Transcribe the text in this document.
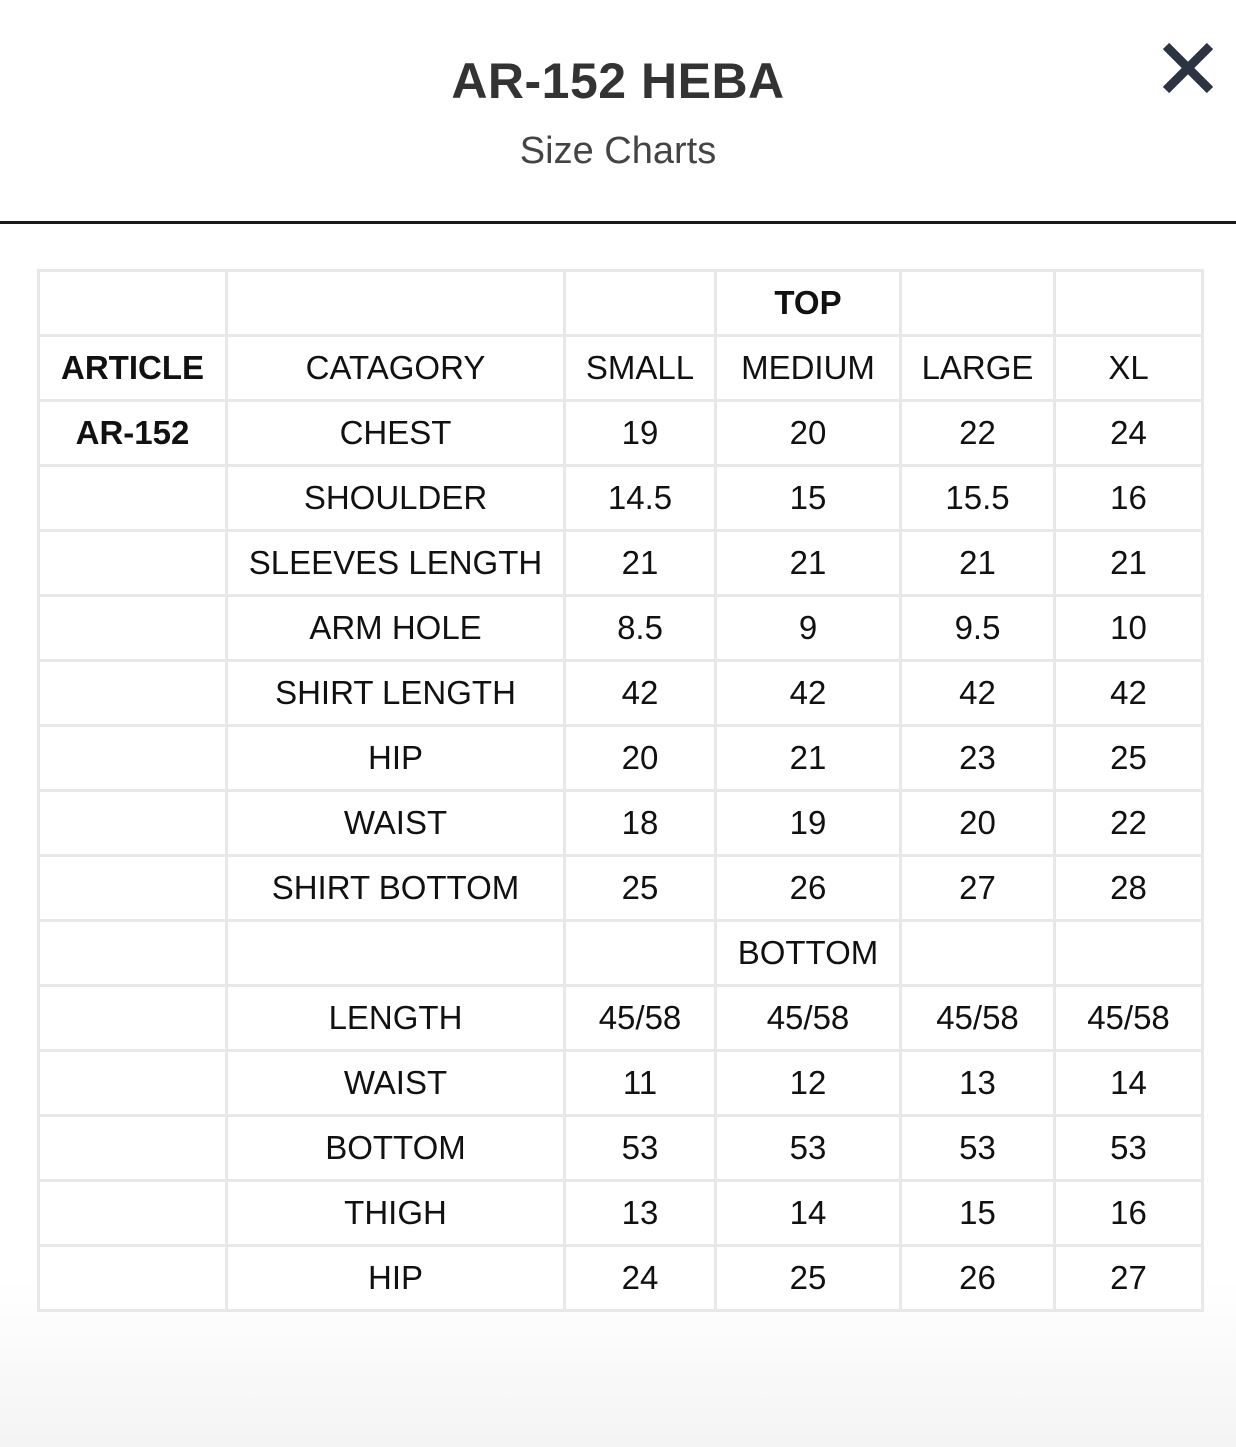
AR-152 HEBA
Size Charts
			TOP		
ARTICLE	CATAGORY	SMALL	MEDIUM	LARGE	XL
AR-152	CHEST	19	20	22	24
	SHOULDER	14.5	15	15.5	16
	SLEEVES LENGTH	21	21	21	21
	ARM HOLE	8.5	9	9.5	10
	SHIRT LENGTH	42	42	42	42
	HIP	20	21	23	25
	WAIST	18	19	20	22
	SHIRT BOTTOM	25	26	27	28
			BOTTOM		
	LENGTH	45/58	45/58	45/58	45/58
	WAIST	11	12	13	14
	BOTTOM	53	53	53	53
	THIGH	13	14	15	16
	HIP	24	25	26	27
